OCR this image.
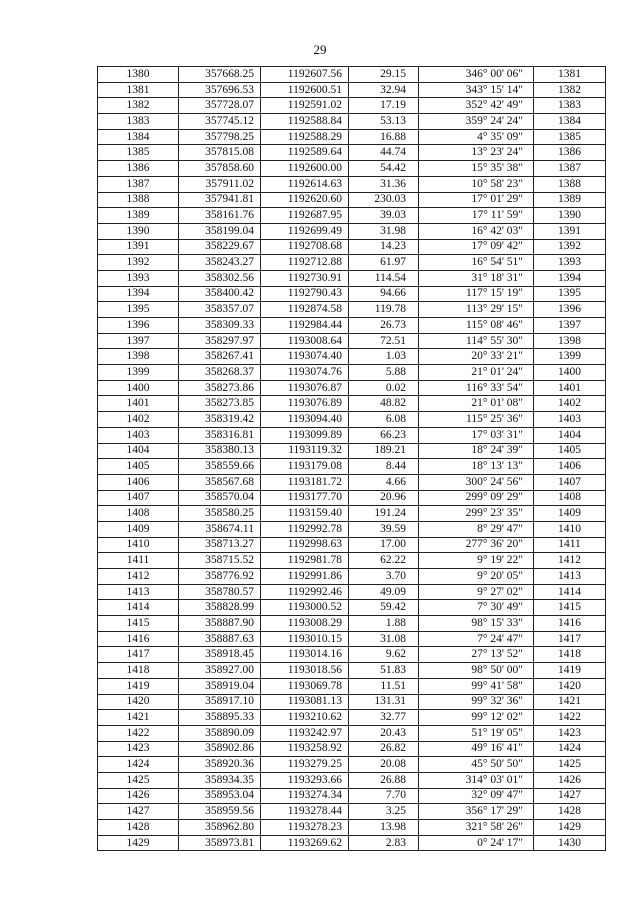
29
1380	357668.25	1192607.56	29.15	346° 00' 06"	1381
1381	357696.53	1192600.51	32.94	343° 15' 14"	1382
1382	357728.07	1192591.02	17.19	352° 42' 49"	1383
1383	357745.12	1192588.84	53.13	359° 24' 24"	1384
1384	357798.25	1192588.29	16.88	4° 35' 09"	1385
1385	357815.08	1192589.64	44.74	13° 23' 24"	1386
1386	357858.60	1192600.00	54.42	15° 35' 38"	1387
1387	357911.02	1192614.63	31.36	10° 58' 23"	1388
1388	357941.81	1192620.60	230.03	17° 01' 29"	1389
1389	358161.76	1192687.95	39.03	17° 11' 59"	1390
1390	358199.04	1192699.49	31.98	16° 42' 03"	1391
1391	358229.67	1192708.68	14.23	17° 09' 42"	1392
1392	358243.27	1192712.88	61.97	16° 54' 51"	1393
1393	358302.56	1192730.91	114.54	31° 18' 31"	1394
1394	358400.42	1192790.43	94.66	117° 15' 19"	1395
1395	358357.07	1192874.58	119.78	113° 29' 15"	1396
1396	358309.33	1192984.44	26.73	115° 08' 46"	1397
1397	358297.97	1193008.64	72.51	114° 55' 30"	1398
1398	358267.41	1193074.40	1.03	20° 33' 21"	1399
1399	358268.37	1193074.76	5.88	21° 01' 24"	1400
1400	358273.86	1193076.87	0.02	116° 33' 54"	1401
1401	358273.85	1193076.89	48.82	21° 01' 08"	1402
1402	358319.42	1193094.40	6.08	115° 25' 36"	1403
1403	358316.81	1193099.89	66.23	17° 03' 31"	1404
1404	358380.13	1193119.32	189.21	18° 24' 39"	1405
1405	358559.66	1193179.08	8.44	18° 13' 13"	1406
1406	358567.68	1193181.72	4.66	300° 24' 56"	1407
1407	358570.04	1193177.70	20.96	299° 09' 29"	1408
1408	358580.25	1193159.40	191.24	299° 23' 35"	1409
1409	358674.11	1192992.78	39.59	8° 29' 47"	1410
1410	358713.27	1192998.63	17.00	277° 36' 20"	1411
1411	358715.52	1192981.78	62.22	9° 19' 22"	1412
1412	358776.92	1192991.86	3.70	9° 20' 05"	1413
1413	358780.57	1192992.46	49.09	9° 27' 02"	1414
1414	358828.99	1193000.52	59.42	7° 30' 49"	1415
1415	358887.90	1193008.29	1.88	98° 15' 33"	1416
1416	358887.63	1193010.15	31.08	7° 24' 47"	1417
1417	358918.45	1193014.16	9.62	27° 13' 52"	1418
1418	358927.00	1193018.56	51.83	98° 50' 00"	1419
1419	358919.04	1193069.78	11.51	99° 41' 58"	1420
1420	358917.10	1193081.13	131.31	99° 32' 36"	1421
1421	358895.33	1193210.62	32.77	99° 12' 02"	1422
1422	358890.09	1193242.97	20.43	51° 19' 05"	1423
1423	358902.86	1193258.92	26.82	49° 16' 41"	1424
1424	358920.36	1193279.25	20.08	45° 50' 50"	1425
1425	358934.35	1193293.66	26.88	314° 03' 01"	1426
1426	358953.04	1193274.34	7.70	32° 09' 47"	1427
1427	358959.56	1193278.44	3.25	356° 17' 29"	1428
1428	358962.80	1193278.23	13.98	321° 58' 26"	1429
1429	358973.81	1193269.62	2.83	0° 24' 17"	1430
